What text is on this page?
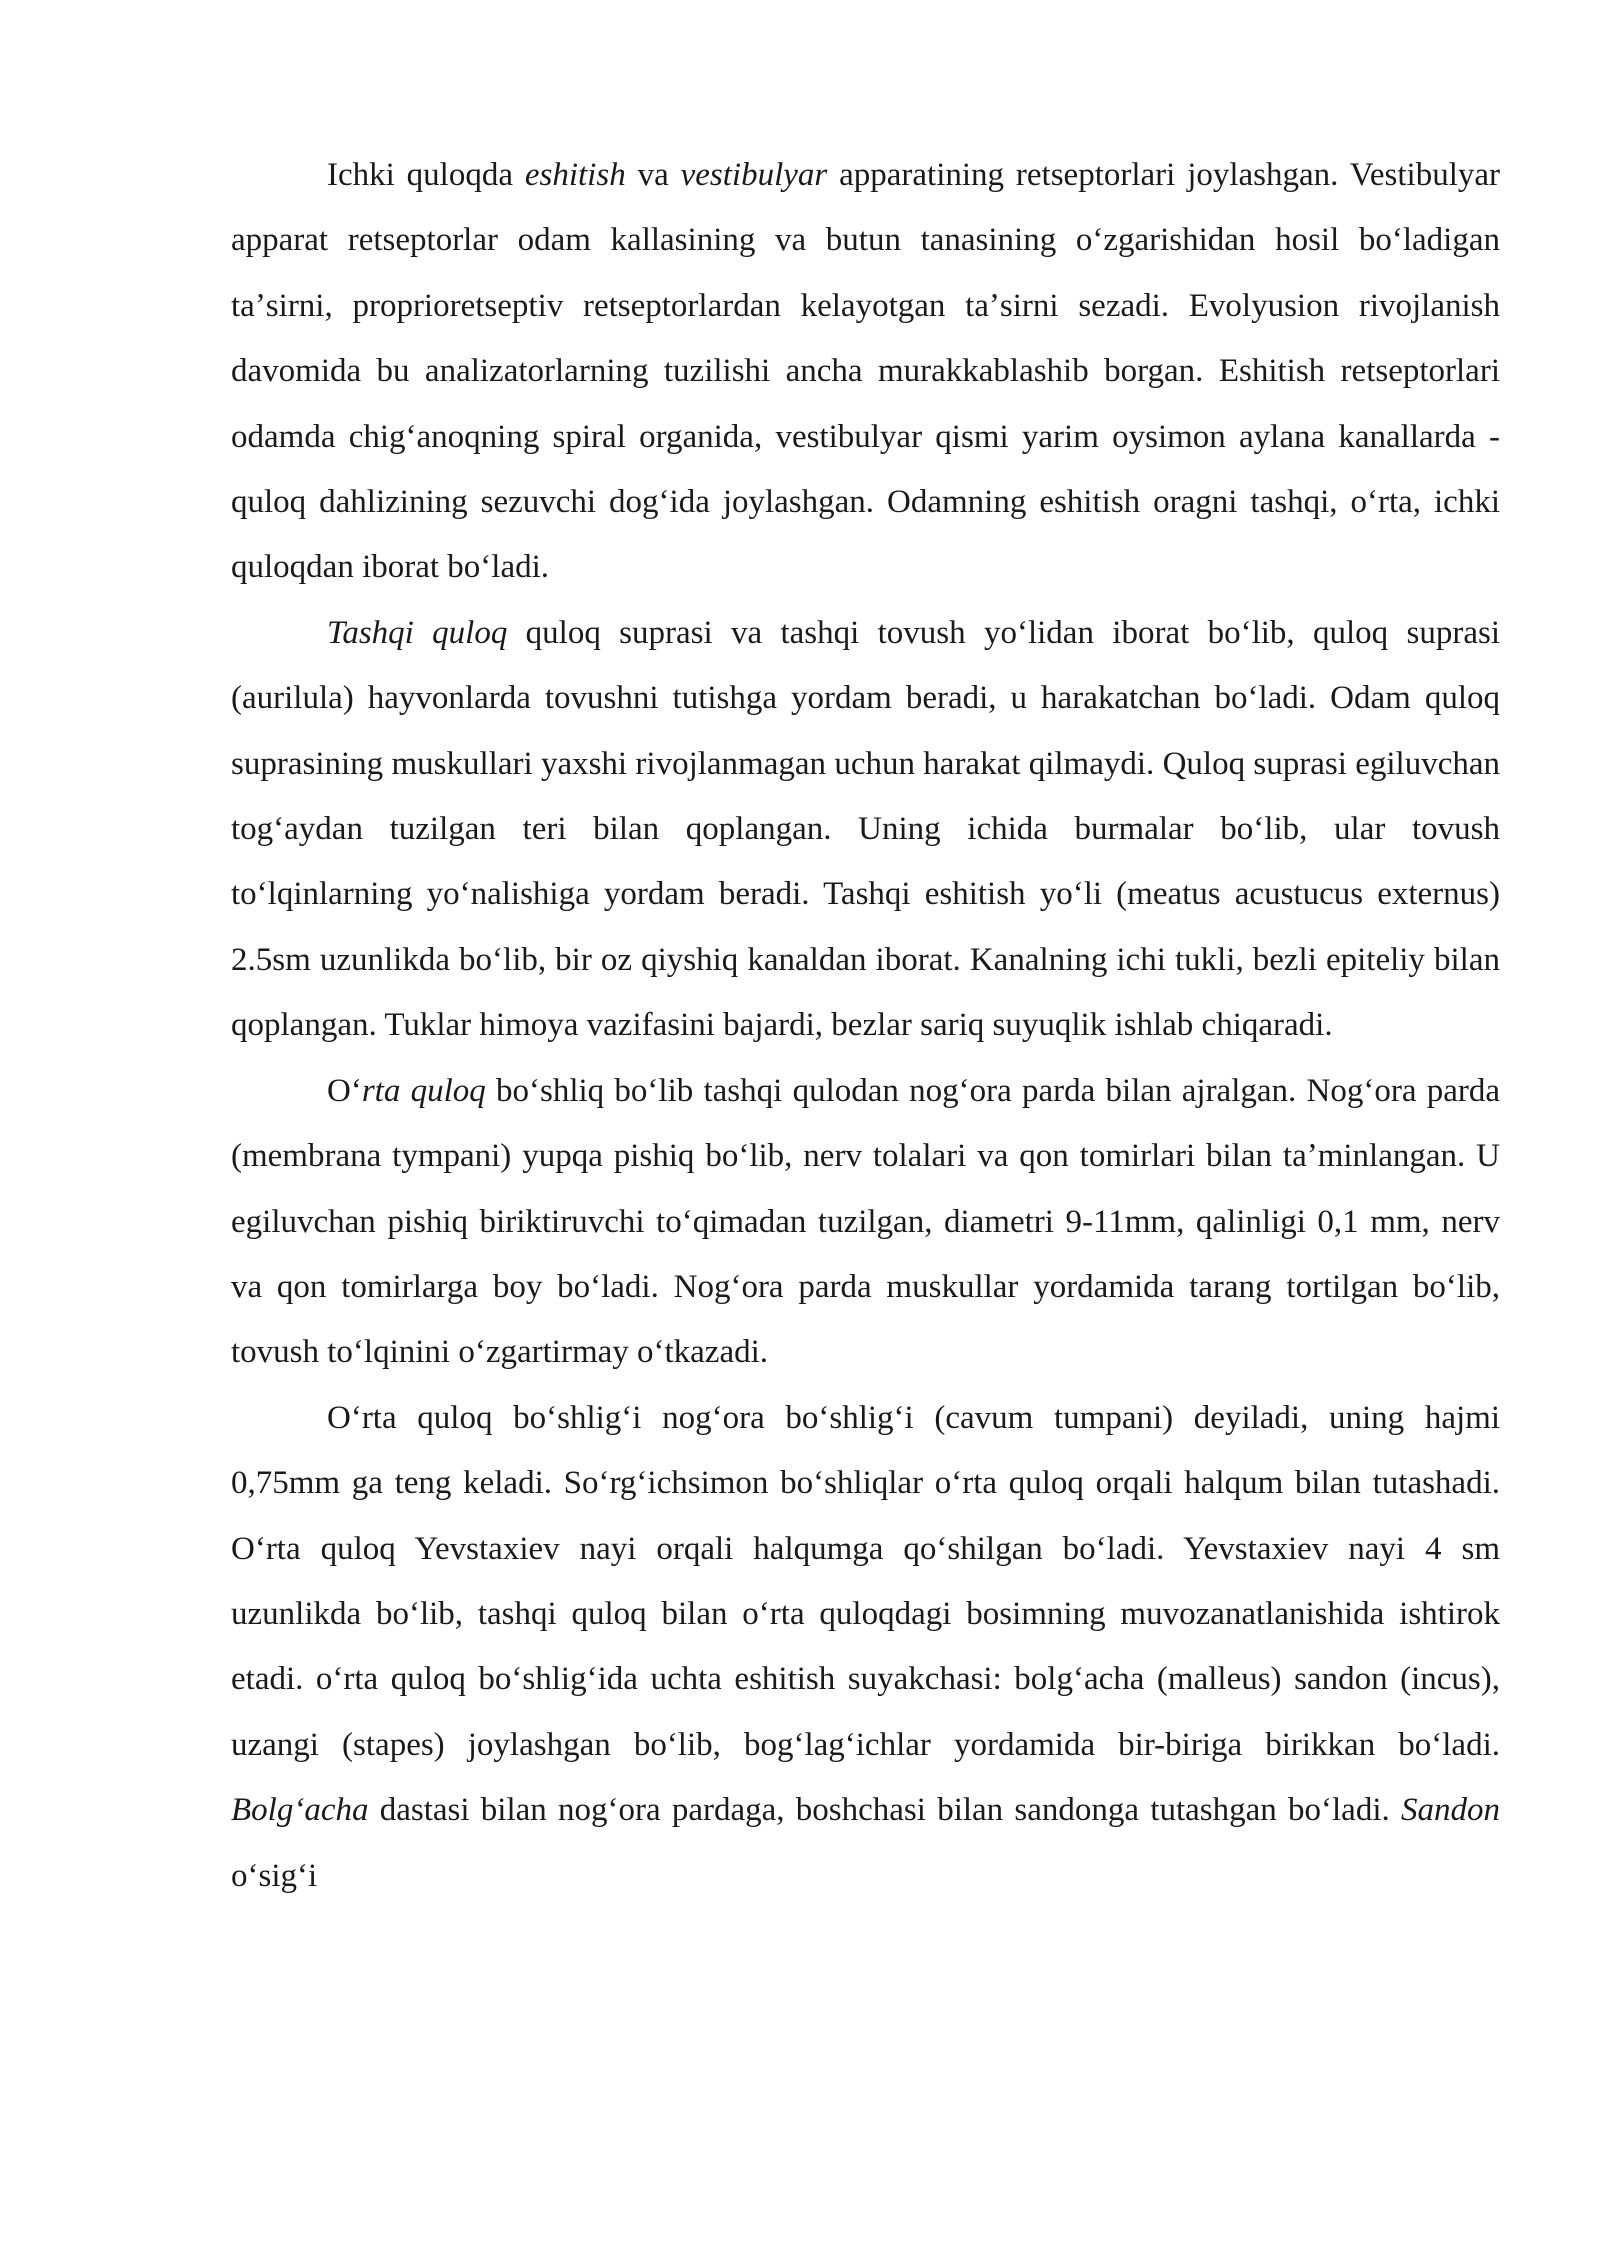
Ichki quloqda eshitish va vestibulyar apparatining retseptorlari joylashgan. Vestibulyar apparat retseptorlar odam kallasining va butun tanasining oʻzgarishidan hosil boʻladigan taʼsirni, proprioretseptiv retseptorlardan kelayotgan taʼsirni sezadi. Evolyusion rivojlanish davomida bu analizatorlarning tuzilishi ancha murakkablashib borgan. Eshitish retseptorlari odamda chigʻanoqning spiral organida, vestibulyar qismi yarim oysimon aylana kanallarda - quloq dahlizining sezuvchi dogʻida joylashgan. Odamning eshitish oragni tashqi, oʻrta, ichki quloqdan iborat boʻladi.

Tashqi quloq quloq suprasi va tashqi tovush yoʻlidan iborat boʻlib, quloq suprasi (aurilula) hayvonlarda tovushni tutishga yordam beradi, u harakatchan boʻladi. Odam quloq suprasining muskullari yaxshi rivojlanmagan uchun harakat qilmaydi. Quloq suprasi egiluvchan togʻaydan tuzilgan teri bilan qoplangan. Uning ichida burmalar boʻlib, ular tovush toʻlqinlarning yoʻnalishiga yordam beradi. Tashqi eshitish yoʻli (meatus acustucus externus) 2.5sm uzunlikda boʻlib, bir oz qiyshiq kanaldan iborat. Kanalning ichi tukli, bezli epiteliy bilan qoplangan. Tuklar himoya vazifasini bajardi, bezlar sariq suyuqlik ishlab chiqaradi.

Oʻrta quloq boʻshliq boʻlib tashqi qulodan nogʻora parda bilan ajralgan. Nogʻora parda (membrana tympani) yupqa pishiq boʻlib, nerv tolalari va qon tomirlari bilan taʼminlangan. U egiluvchan pishiq biriktiruvchi toʻqimadan tuzilgan, diametri 9-11mm, qalinligi 0,1 mm, nerv va qon tomirlarga boy boʻladi. Nogʻora parda muskullar yordamida tarang tortilgan boʻlib, tovush toʻlqinini oʻzgartirmay oʻtkazadi.

Oʻrta quloq boʻshligʻi nogʻora boʻshligʻi (cavum tumpani) deyiladi, uning hajmi 0,75mm ga teng keladi. Soʻrgʻichsimon boʻshliqlar oʻrta quloq orqali halqum bilan tutashadi. Oʻrta quloq Yevstaxiev nayi orqali halqumga qoʻshilgan boʻladi. Yevstaxiev nayi 4 sm uzunlikda boʻlib, tashqi quloq bilan oʻrta quloqdagi bosimning muvozanatlanishida ishtirok etadi. oʻrta quloq boʻshligʻida uchta eshitish suyakchasi: bolgʻacha (malleus) sandon (incus), uzangi (stapes) joylashgan boʻlib, bogʻlagʻichlar yordamida bir-biriga birikkan boʻladi. Bolgʻacha dastasi bilan nogʻora pardaga, boshchasi bilan sandonga tutashgan boʻladi. Sandon oʻsigʻi
